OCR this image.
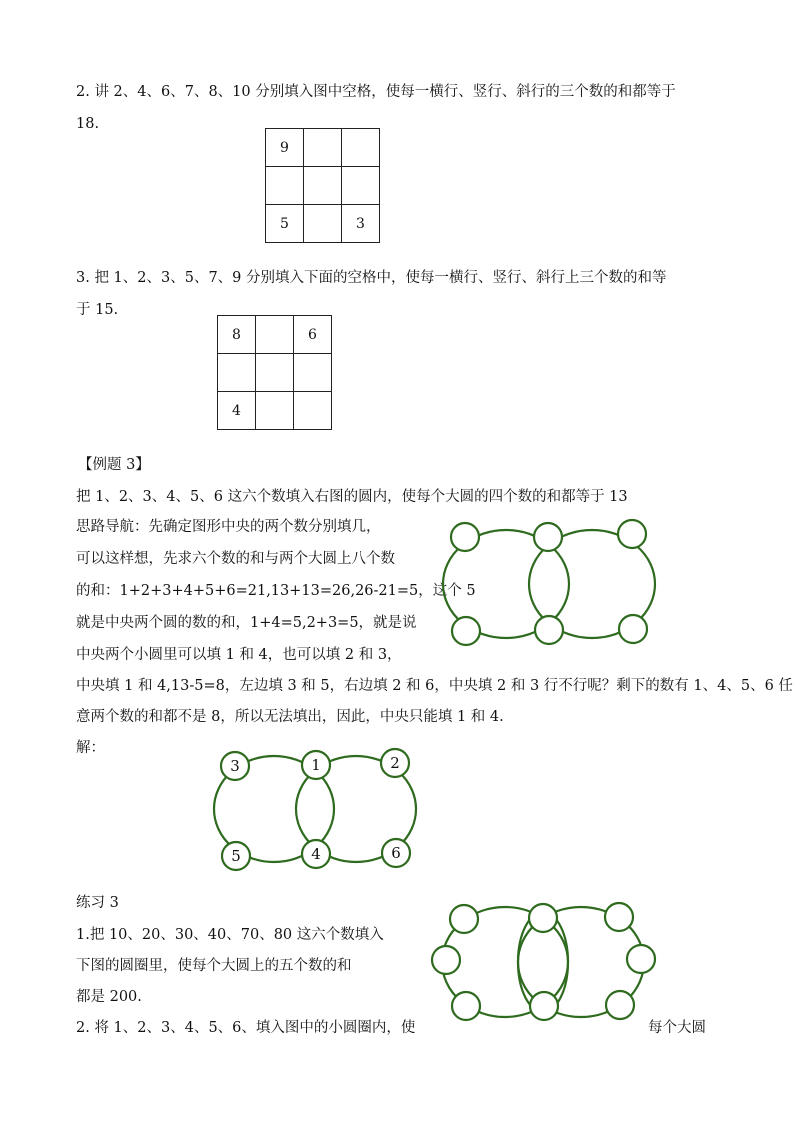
2. 讲 2、4、6、7、8、10 分别填入图中空格，使每一横行、竖行、斜行的三个数的和都等于
18.
9		

5		3
3. 把 1、2、3、5、7、9 分别填入下面的空格中，使每一横行、竖行、斜行上三个数的和等
于 15.
8		6

4		
【例题 3】
把 1、2、3、4、5、6 这六个数填入右图的圆内，使每个大圆的四个数的和都等于 13
思路导航：先确定图形中央的两个数分别填几，
可以这样想，先求六个数的和与两个大圆上八个数
的和：1+2+3+4+5+6=21,13+13=26,26-21=5，这个 5
就是中央两个圆的数的和，1+4=5,2+3=5，就是说
中央两个小圆里可以填 1 和 4，也可以填 2 和 3，
中央填 1 和 4,13-5=8，左边填 3 和 5，右边填 2 和 6，中央填 2 和 3 行不行呢？剩下的数有 1、4、5、6 任
意两个数的和都不是 8，所以无法填出，因此，中央只能填 1 和 4.
解：
3	1	2
5	4	6
练习 3
1.把 10、20、30、40、70、80 这六个数填入
下图的圆圈里，使每个大圆上的五个数的和
都是 200.
2. 将 1、2、3、4、5、6、填入图中的小圆圈内，使	每个大圆
